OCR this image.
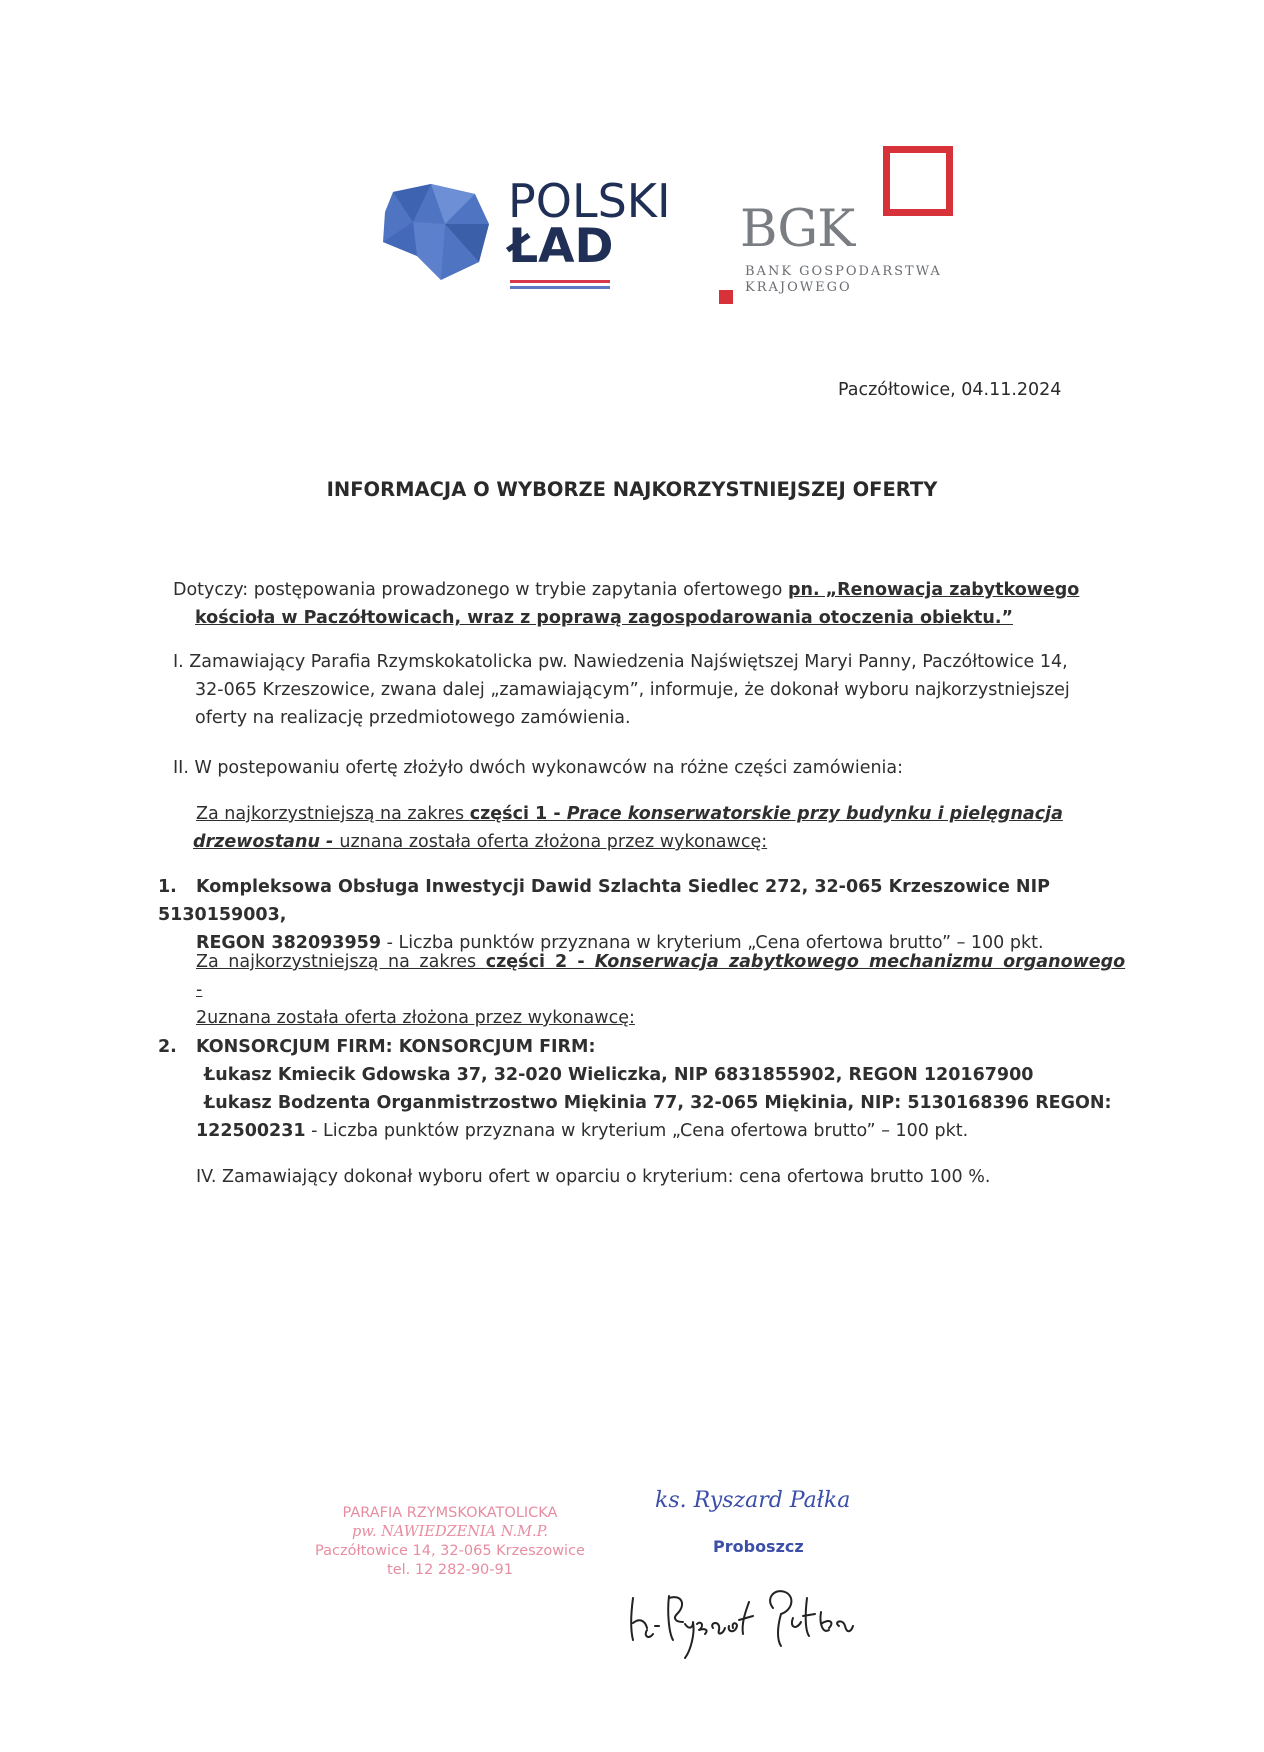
POLSKI
ŁAD	BGK
BANK GOSPODARSTWA
KRAJOWEGO
Paczółtowice, 04.11.2024
INFORMACJA O WYBORZE NAJKORZYSTNIEJSZEJ OFERTY
Dotyczy: postępowania prowadzonego w trybie zapytania ofertowego pn. „Renowacja zabytkowego
kościoła w Paczółtowicach, wraz z poprawą zagospodarowania otoczenia obiektu.”
I. Zamawiający Parafia Rzymskokatolicka pw. Nawiedzenia Najświętszej Maryi Panny, Paczółtowice 14,
32-065 Krzeszowice, zwana dalej „zamawiającym”, informuje, że dokonał wyboru najkorzystniejszej
oferty na realizację przedmiotowego zamówienia.
II. W postepowaniu ofertę złożyło dwóch wykonawców na różne części zamówienia:
Za najkorzystniejszą na zakres części 1 - Prace konserwatorskie przy budynku i pielęgnacja
drzewostanu - uznana została oferta złożona przez wykonawcę:
1. Kompleksowa Obsługa Inwestycji Dawid Szlachta Siedlec 272, 32-065 Krzeszowice NIP 5130159003,
REGON 382093959 - Liczba punktów przyznana w kryterium „Cena ofertowa brutto” – 100 pkt.
Za najkorzystniejszą na zakres części 2 - Konserwacja zabytkowego mechanizmu organowego -
2uznana została oferta złożona przez wykonawcę:
2. KONSORCJUM FIRM: KONSORCJUM FIRM:
Łukasz Kmiecik Gdowska 37, 32-020 Wieliczka, NIP 6831855902, REGON 120167900
Łukasz Bodzenta Organmistrzostwo Miękinia 77, 32-065 Miękinia, NIP: 5130168396 REGON:
122500231 - Liczba punktów przyznana w kryterium „Cena ofertowa brutto” – 100 pkt.
IV. Zamawiający dokonał wyboru ofert w oparciu o kryterium: cena ofertowa brutto 100 %.
PARAFIA RZYMSKOKATOLICKA
pw. NAWIEDZENIA N.M.P.
Paczółtowice 14, 32-065 Krzeszowice
tel. 12 282-90-91
ks. Ryszard Pałka
Proboszcz
